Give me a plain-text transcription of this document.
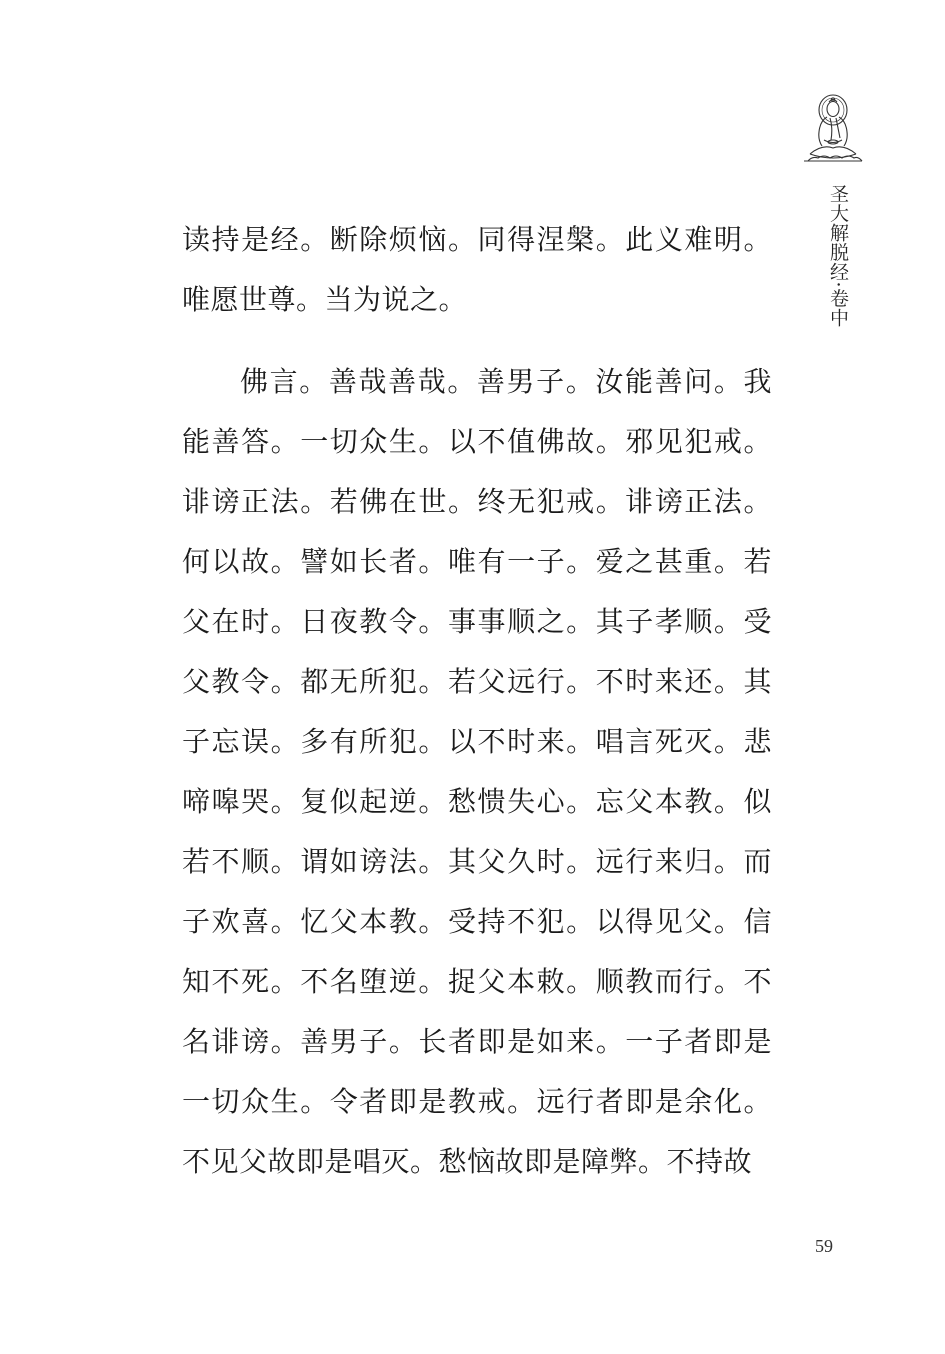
圣大解脱经·卷中

读持是经。断除烦恼。同得涅槃。此义难明。唯愿世尊。当为说之。

佛言。善哉善哉。善男子。汝能善问。我能善答。一切众生。以不值佛故。邪见犯戒。诽谤正法。若佛在世。终无犯戒。诽谤正法。何以故。譬如长者。唯有一子。爱之甚重。若父在时。日夜教令。事事顺之。其子孝顺。受父教令。都无所犯。若父远行。不时来还。其子忘误。多有所犯。以不时来。唱言死灭。悲啼嗥哭。复似起逆。愁愦失心。忘父本教。似若不顺。谓如谤法。其父久时。远行来归。而子欢喜。忆父本教。受持不犯。以得见父。信知不死。不名堕逆。捉父本敕。顺教而行。不名诽谤。善男子。长者即是如来。一子者即是一切众生。令者即是教戒。远行者即是余化。不见父故即是唱灭。愁恼故即是障弊。不持故

59
